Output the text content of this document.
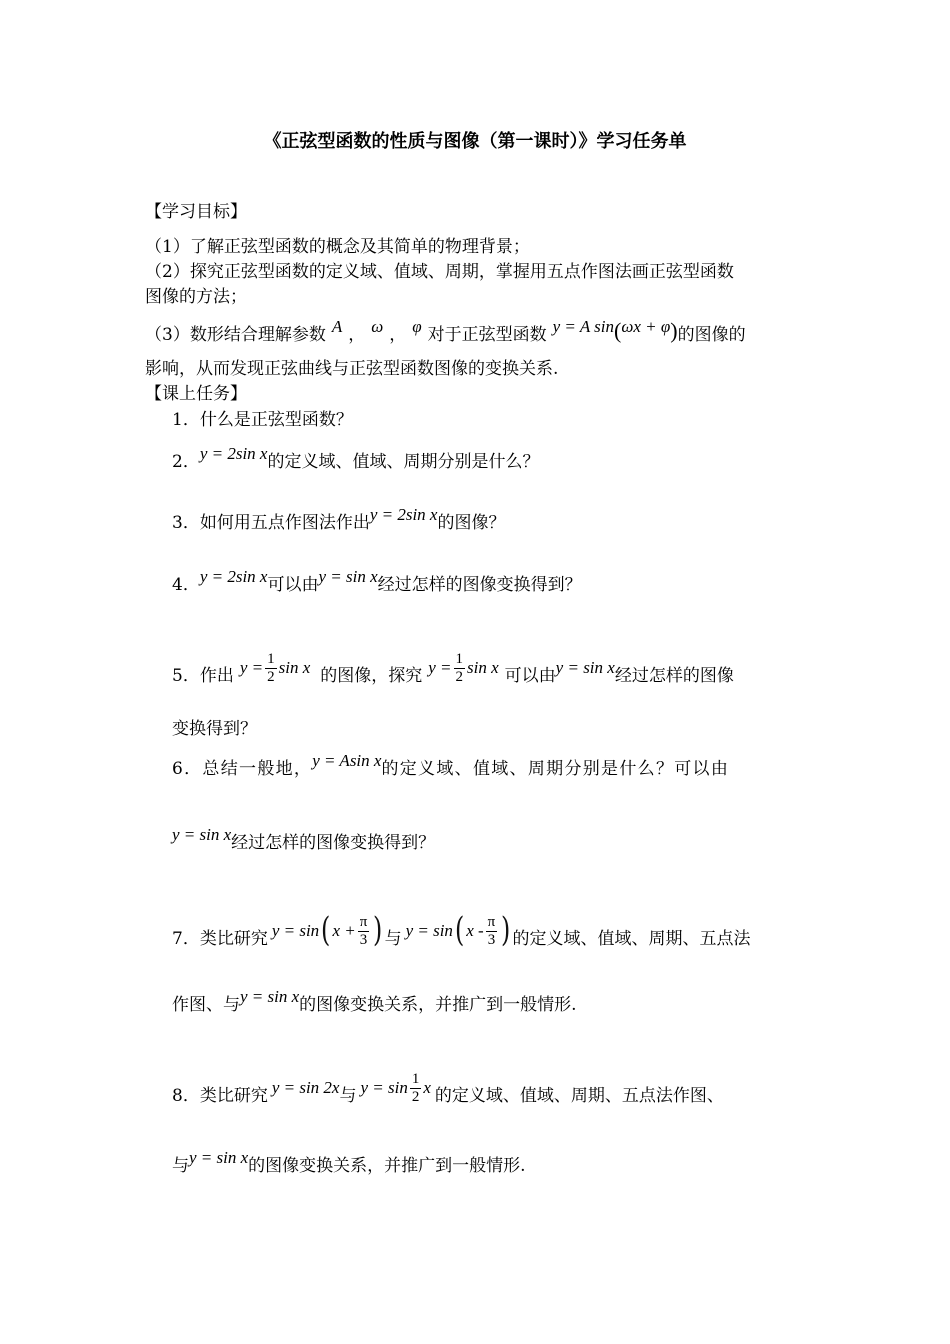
《正弦型函数的性质与图像（第一课时）》学习任务单
【学习目标】
（1）了解正弦型函数的概念及其简单的物理背景；
（2）探究正弦型函数的定义域、值域、周期，掌握用五点作图法画正弦型函数
图像的方法；
（3）数形结合理解参数 A ， ω ， φ 对于正弦型函数 y = A sin(ωx + φ)的图像的
影响，从而发现正弦曲线与正弦型函数图像的变换关系.
【课上任务】
1．什么是正弦型函数？
2．y = 2sin x的定义域、值域、周期分别是什么？
3．如何用五点作图法作出y = 2sin x的图像？
4．y = 2sin x可以由y = sin x经过怎样的图像变换得到？
5．作出 $y = \frac{1}{2}$ sin x 的图像，探究 $y = \frac{1}{2}$ sin x 可以由y = sin x经过怎样的图像
变换得到？
6．总结一般地，y = Asin x的定义域、值域、周期分别是什么？可以由
y = sin x经过怎样的图像变换得到？
7．类比研究 y = sin( $x + \frac{\pi}{3}$ ) 与 y = sin( x - $\frac{\pi}{3}$ ) 的定义域、值域、周期、五点法
作图、与y = sin x的图像变换关系，并推广到一般情形.
8．类比研究 y = sin 2x与 $y = \sin \frac{1}{2}$ x 的定义域、值域、周期、五点法作图、
与y = sin x的图像变换关系，并推广到一般情形.
